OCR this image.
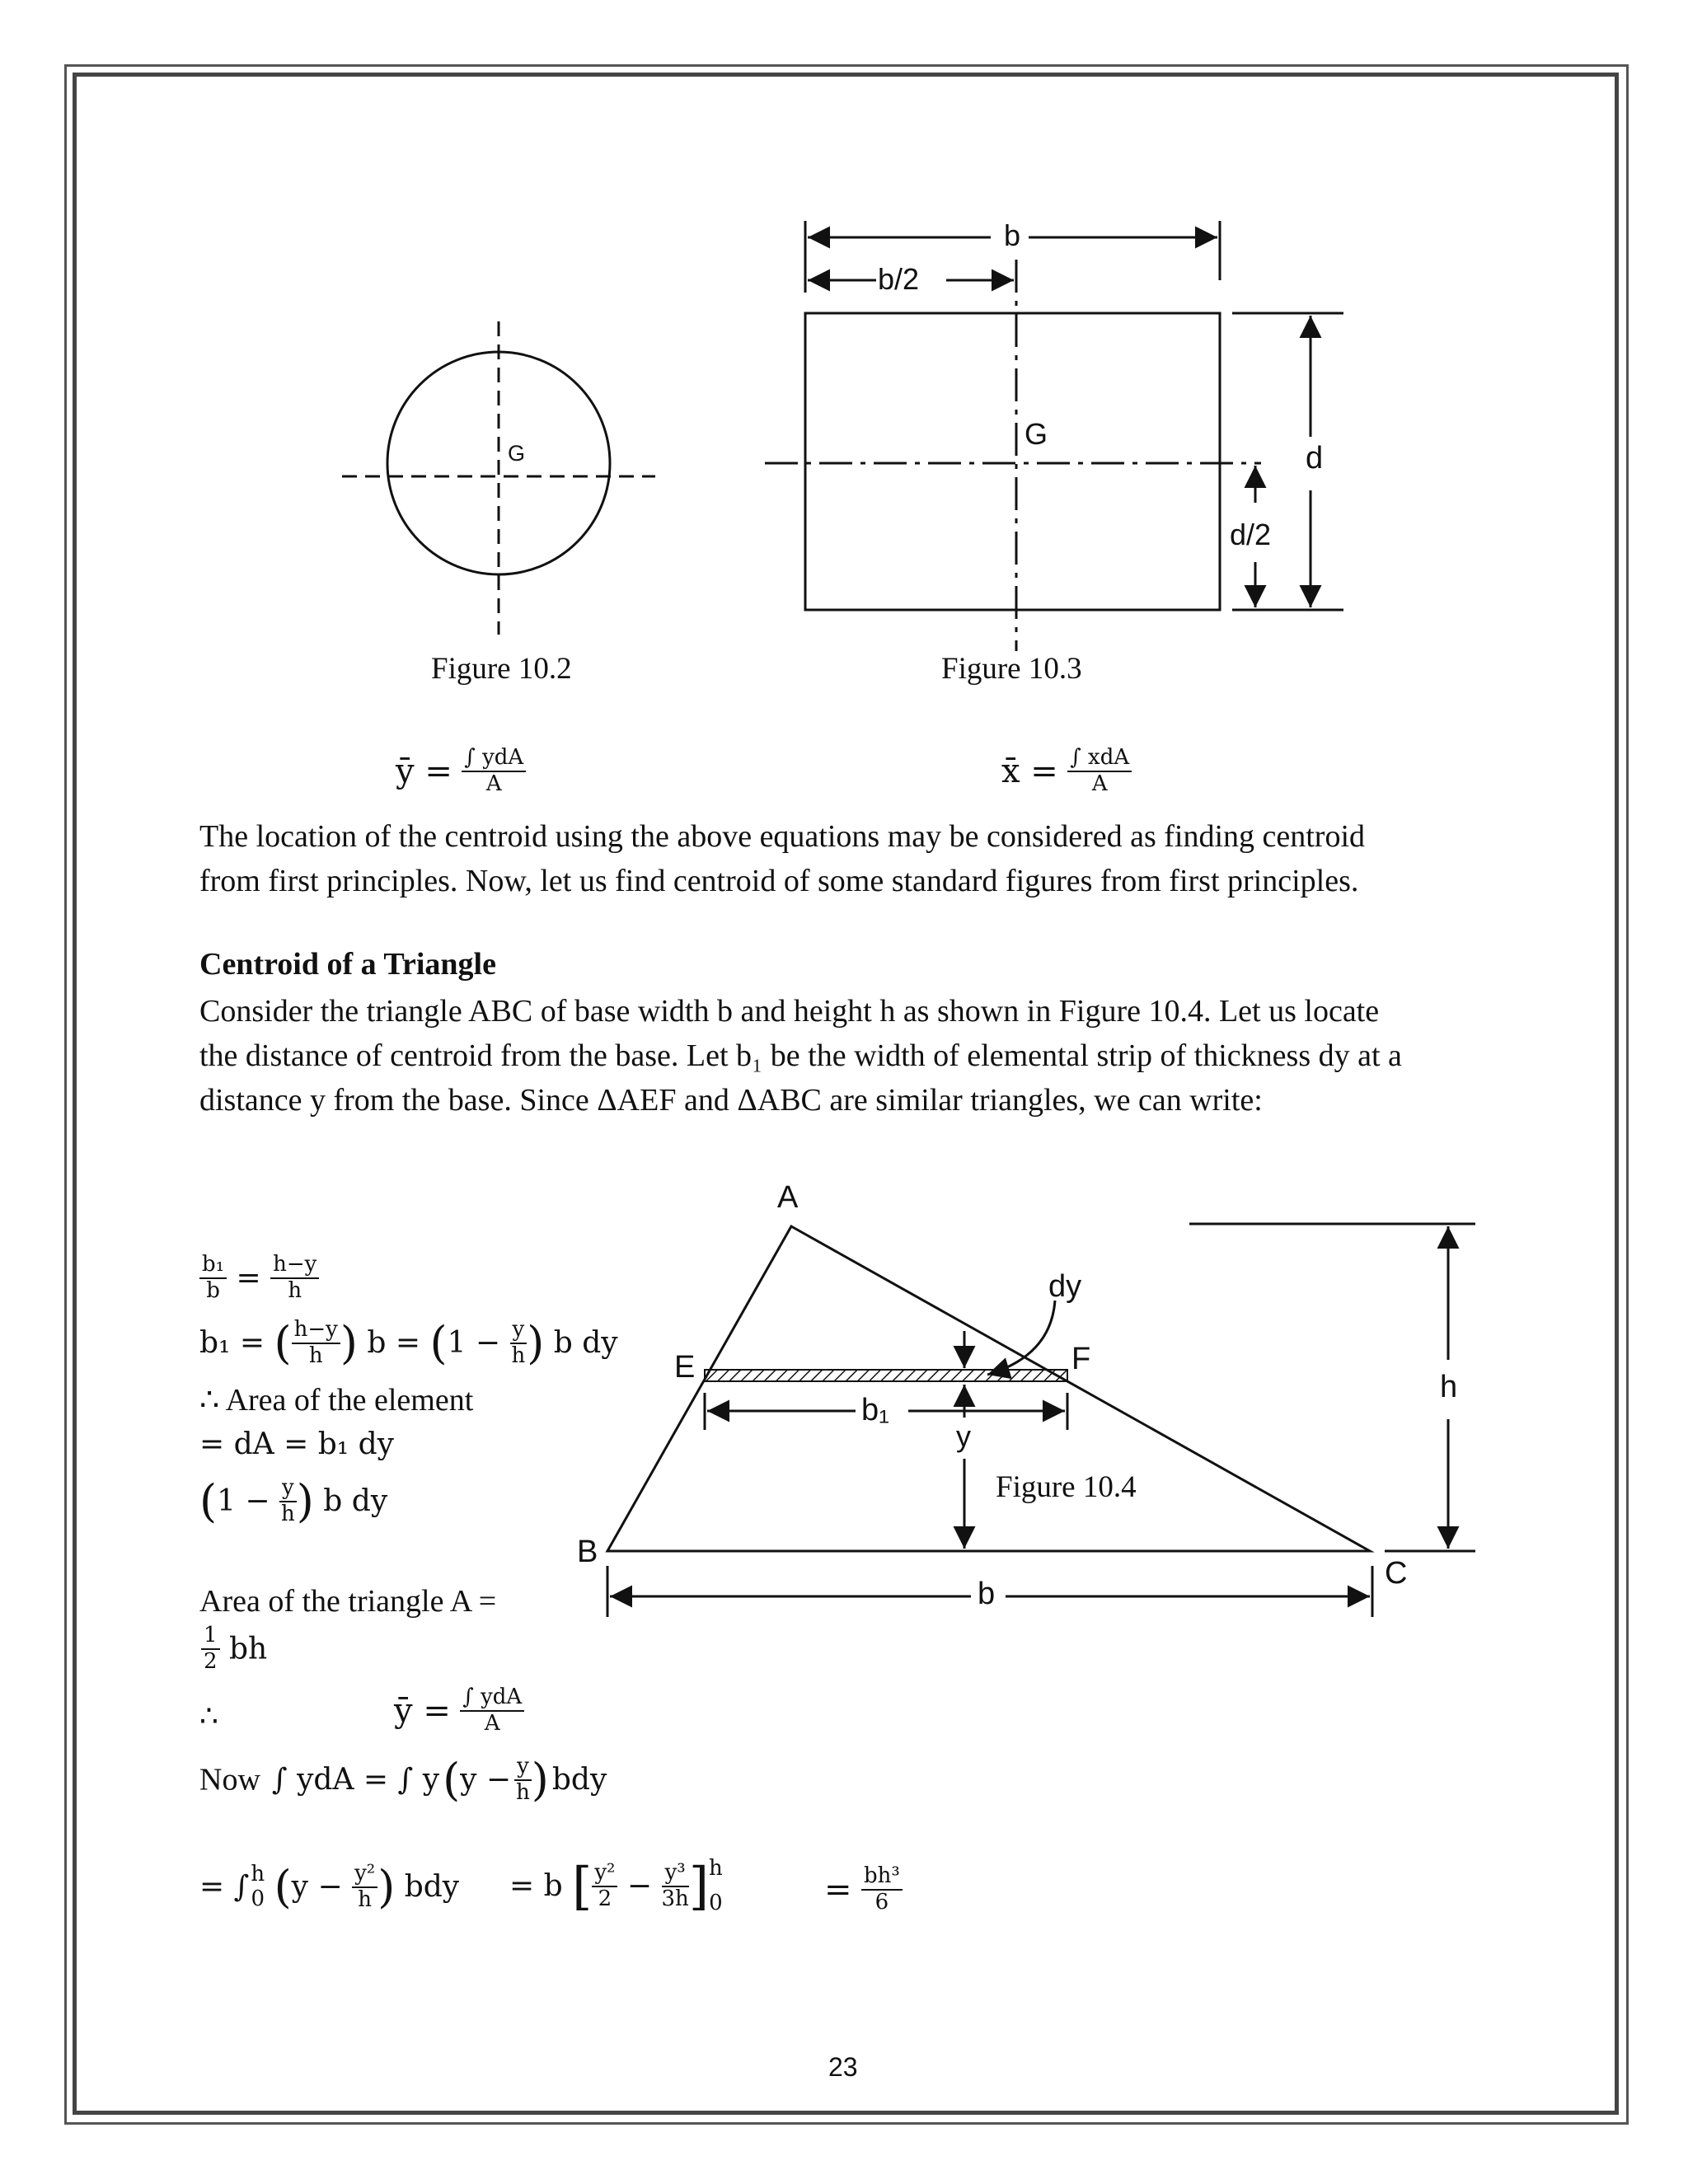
G
Figure 10.2
b
b/2
G
d
d/2
Figure 10.3
A
B
C
E	F
dy
b₁
y
h
b
Figure 10.4
ȳ = $\frac{\text{∫ ydA}}{A}$	x̄ = $\frac{\text{∫ xdA}}{A}$
The location of the centroid using the above equations may be considered as finding centroid
from first principles. Now, let us find centroid of some standard figures from first principles.
Centroid of a Triangle
Consider the triangle ABC of base width b and height h as shown in Figure 10.4. Let us locate
the distance of centroid from the base. Let b₁ be the width of elemental strip of thickness dy at a
distance y from the base. Since ΔAEF and ΔABC are similar triangles, we can write:
$\frac{\text{b₁}}{b} = \frac{h-y}{h}$
b₁ = ( $\frac{h-y}{h}$ ) $b = (1 - \frac{y}{h}$ ) b dy
∴ Area of the element
= dA = b₁ dy
($1 - \frac{y}{h}$ ) b dy
Area of the triangle A =
$\frac{1}{2}$ bh
∴	ȳ = $\frac{\text{∫ ydA}}{A}$
Now ∫ ydA = ∫ y ($y - \frac{y}{h}$ ) bdy
= ∫ h
0 ($y - \frac{\text{y²}}{h}$ ) bdy = b [ $\frac{\text{y²}}{2} - \frac{\text{y³}}{3h}$ ] h
0	= $\frac{\text{bh³}}{6}$
23
